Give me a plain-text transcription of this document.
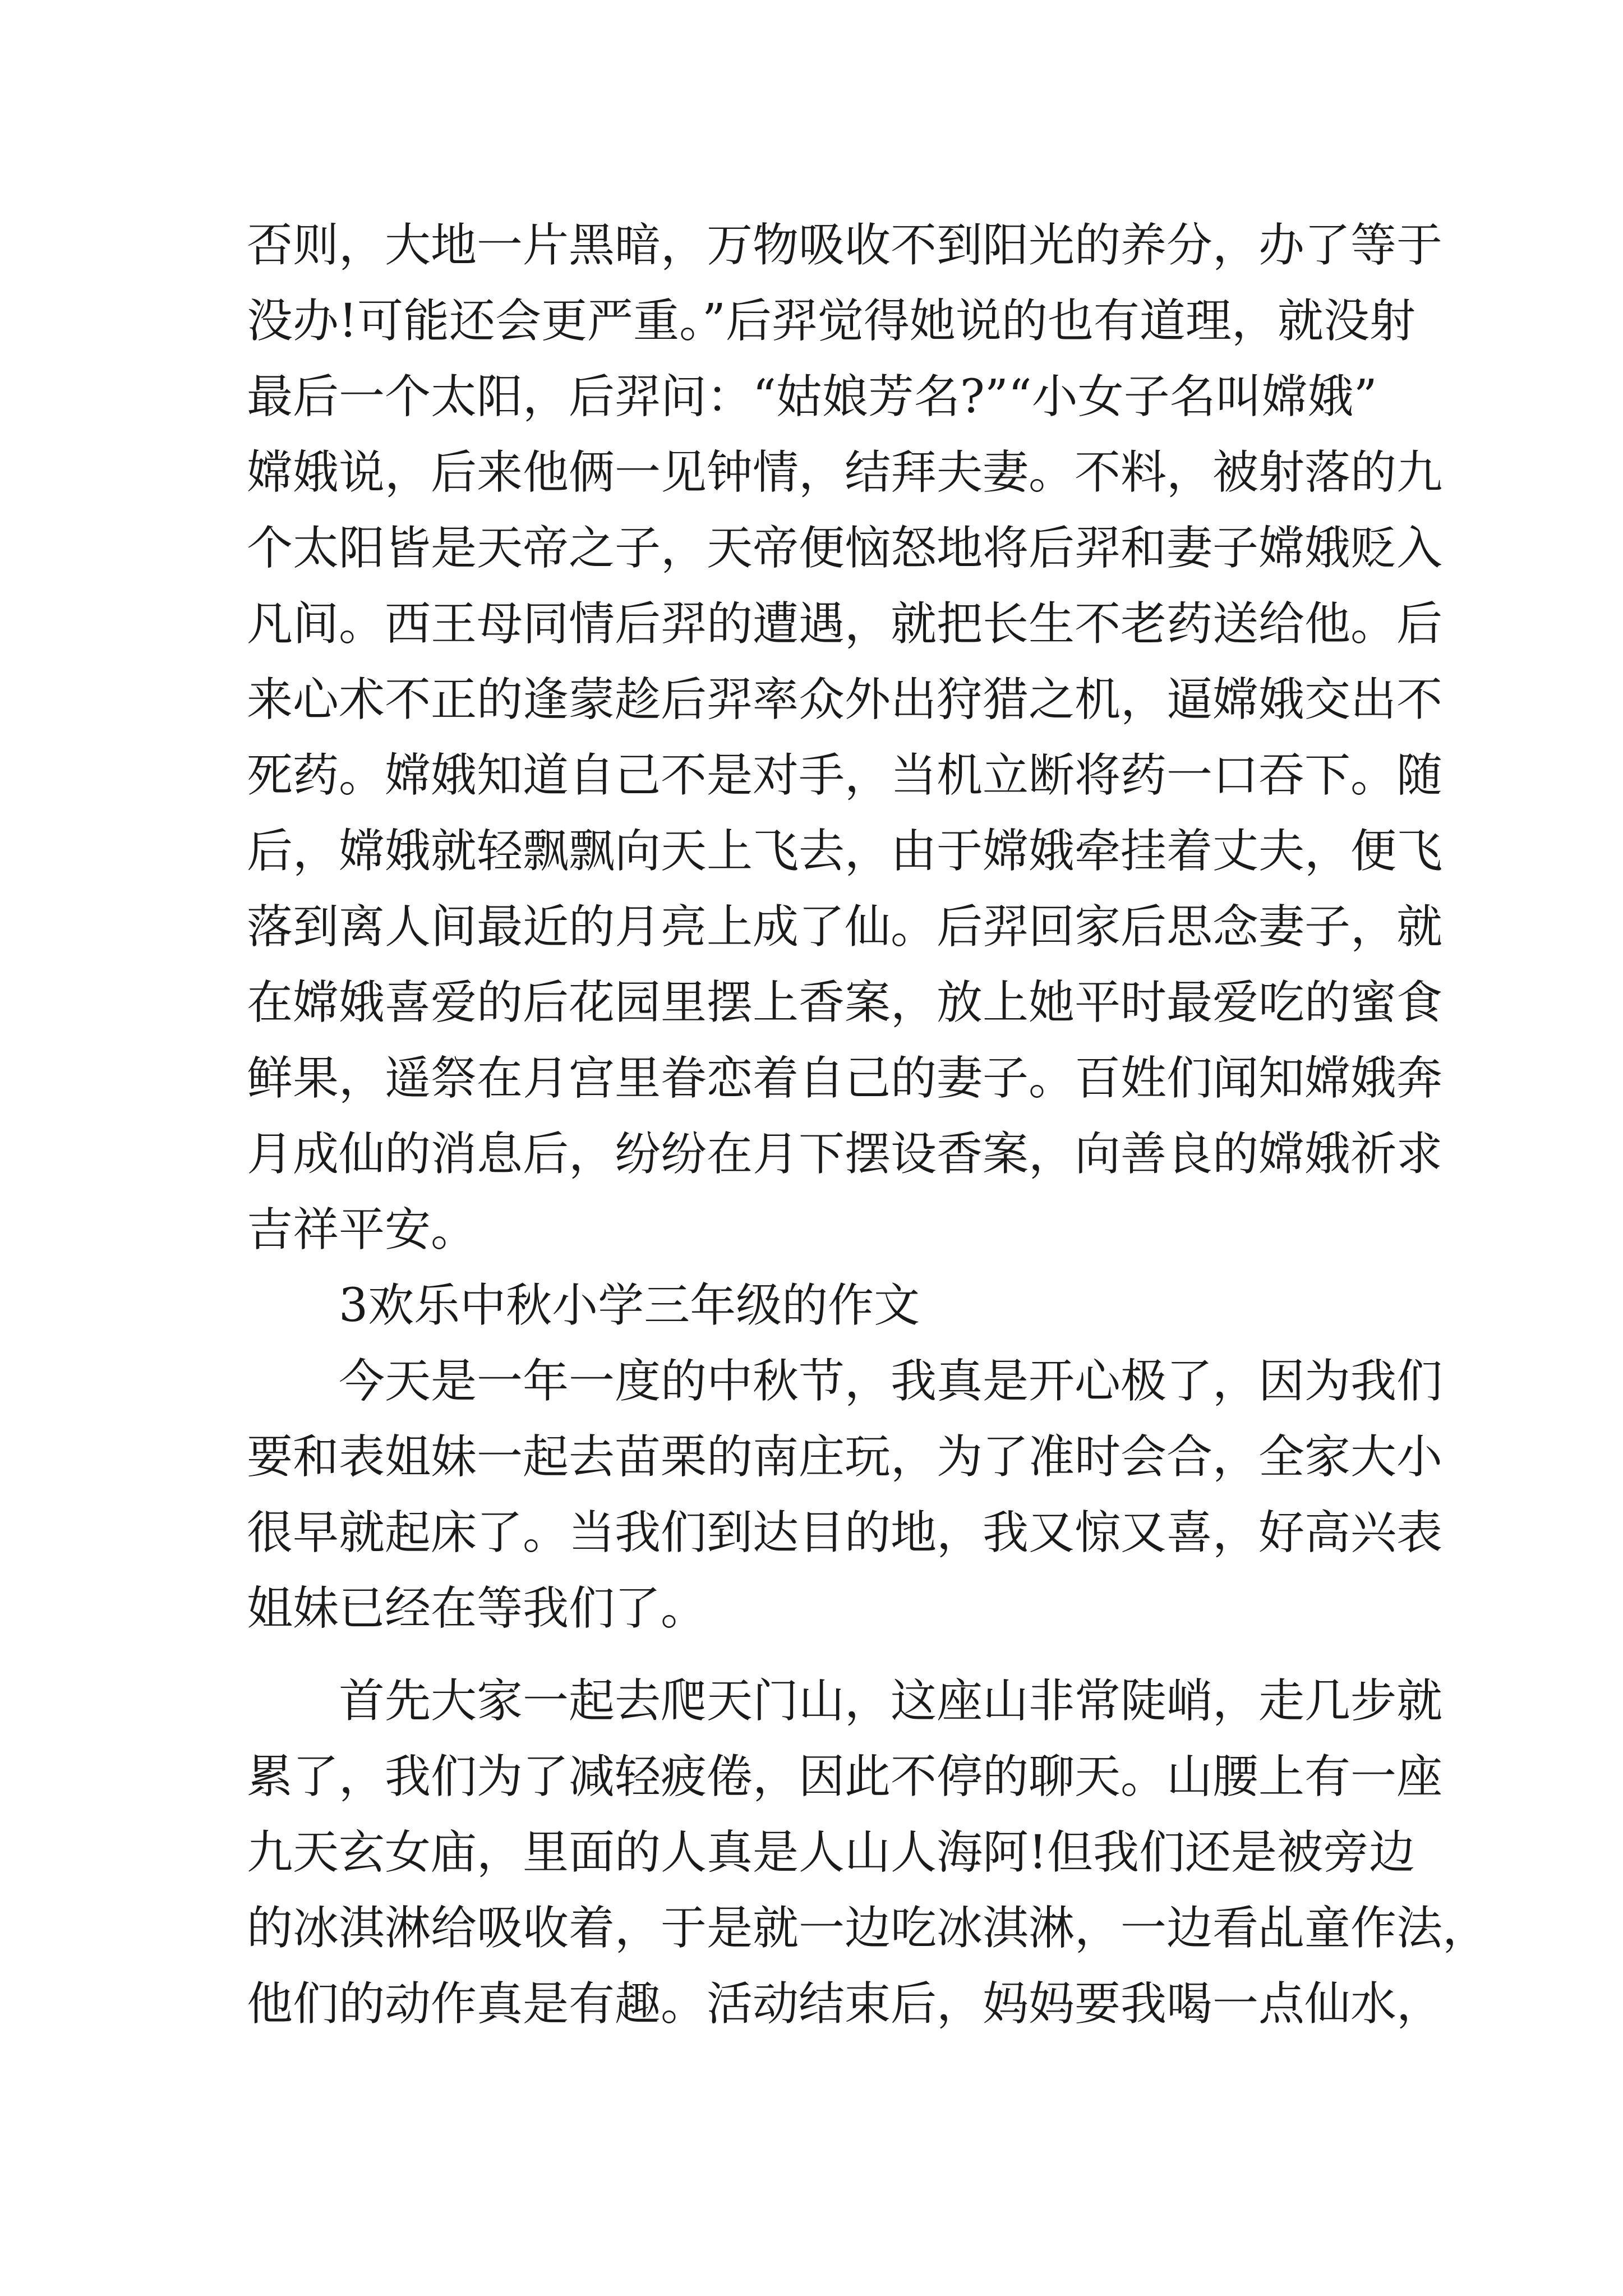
否则，大地一片黑暗，万物吸收不到阳光的养分，办了等于
没办!可能还会更严重。”后羿觉得她说的也有道理，就没射
最后一个太阳，后羿问：“姑娘芳名?”“小女子名叫嫦娥”
嫦娥说，后来他俩一见钟情，结拜夫妻。不料，被射落的九
个太阳皆是天帝之子，天帝便恼怒地将后羿和妻子嫦娥贬入
凡间。西王母同情后羿的遭遇，就把长生不老药送给他。后
来心术不正的逢蒙趁后羿率众外出狩猎之机，逼嫦娥交出不
死药。嫦娥知道自己不是对手，当机立断将药一口吞下。随
后，嫦娥就轻飘飘向天上飞去，由于嫦娥牵挂着丈夫，便飞
落到离人间最近的月亮上成了仙。后羿回家后思念妻子，就
在嫦娥喜爱的后花园里摆上香案，放上她平时最爱吃的蜜食
鲜果，遥祭在月宫里眷恋着自己的妻子。百姓们闻知嫦娥奔
月成仙的消息后，纷纷在月下摆设香案，向善良的嫦娥祈求
吉祥平安。
3欢乐中秋小学三年级的作文
今天是一年一度的中秋节，我真是开心极了，因为我们
要和表姐妹一起去苗栗的南庄玩，为了准时会合，全家大小
很早就起床了。当我们到达目的地，我又惊又喜，好高兴表
姐妹已经在等我们了。
首先大家一起去爬天门山，这座山非常陡峭，走几步就
累了，我们为了减轻疲倦，因此不停的聊天。山腰上有一座
九天玄女庙，里面的人真是人山人海阿!但我们还是被旁边
的冰淇淋给吸收着，于是就一边吃冰淇淋，一边看乩童作法，
他们的动作真是有趣。活动结束后，妈妈要我喝一点仙水，
